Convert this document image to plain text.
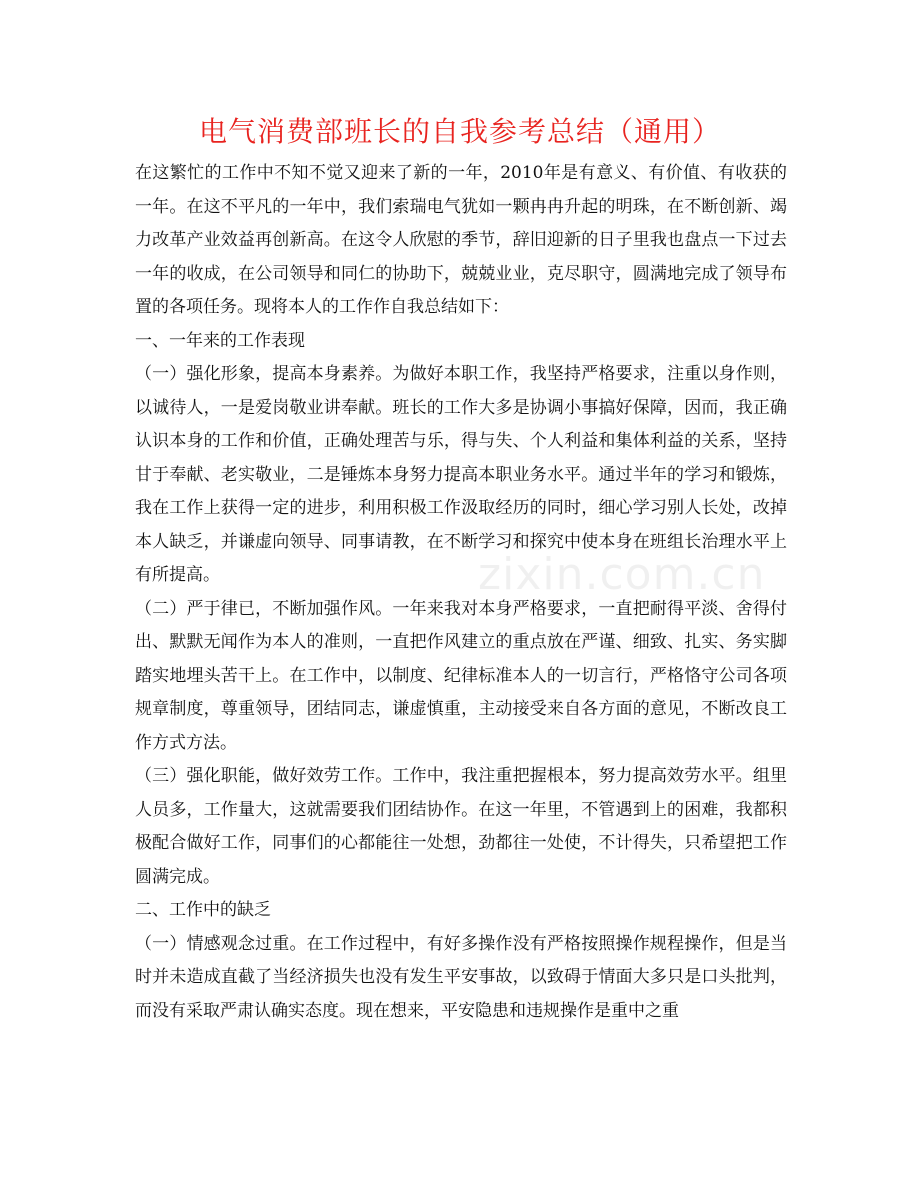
电气消费部班长的自我参考总结（通用）
zixin.com.cn

在这繁忙的工作中不知不觉又迎来了新的一年，2010年是有意义、有价值、有收获的一年。在这不平凡的一年中，我们索瑞电气犹如一颗冉冉升起的明珠，在不断创新、竭力改革产业效益再创新高。在这令人欣慰的季节，辞旧迎新的日子里我也盘点一下过去一年的收成，在公司领导和同仁的协助下，兢兢业业，克尽职守，圆满地完成了领导布置的各项任务。现将本人的工作作自我总结如下：

一、一年来的工作表现

（一）强化形象，提高本身素养。为做好本职工作，我坚持严格要求，注重以身作则，以诚待人，一是爱岗敬业讲奉献。班长的工作大多是协调小事搞好保障，因而，我正确认识本身的工作和价值，正确处理苦与乐，得与失、个人利益和集体利益的关系，坚持甘于奉献、老实敬业，二是锤炼本身努力提高本职业务水平。通过半年的学习和锻炼，我在工作上获得一定的进步，利用积极工作汲取经历的同时，细心学习别人长处，改掉本人缺乏，并谦虚向领导、同事请教，在不断学习和探究中使本身在班组长治理水平上有所提高。

（二）严于律已，不断加强作风。一年来我对本身严格要求，一直把耐得平淡、舍得付出、默默无闻作为本人的准则，一直把作风建立的重点放在严谨、细致、扎实、务实脚踏实地埋头苦干上。在工作中，以制度、纪律标准本人的一切言行，严格恪守公司各项规章制度，尊重领导，团结同志，谦虚慎重，主动接受来自各方面的意见，不断改良工作方式方法。

（三）强化职能，做好效劳工作。工作中，我注重把握根本，努力提高效劳水平。组里人员多，工作量大，这就需要我们团结协作。在这一年里，不管遇到上的困难，我都积极配合做好工作，同事们的心都能往一处想，劲都往一处使，不计得失，只希望把工作圆满完成。

二、工作中的缺乏

（一）情感观念过重。在工作过程中，有好多操作没有严格按照操作规程操作，但是当时并未造成直截了当经济损失也没有发生平安事故，以致碍于情面大多只是口头批判，而没有采取严肃认确实态度。现在想来，平安隐患和违规操作是重中之重
